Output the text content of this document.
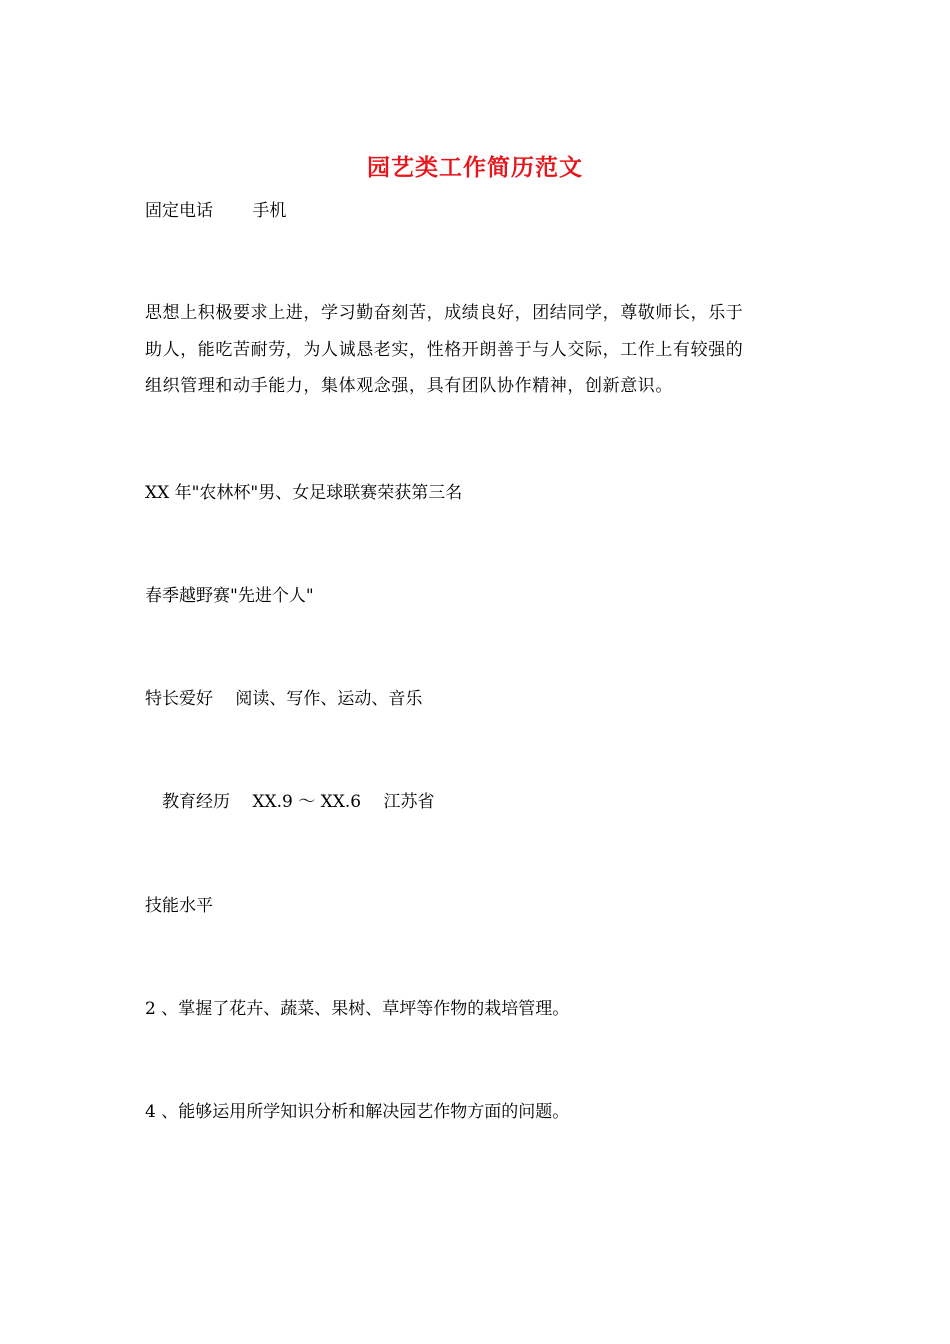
园艺类工作简历范文
固定电话　　 手机

思想上积极要求上进，学习勤奋刻苦，成绩良好，团结同学，尊敬师长，乐于

助人，能吃苦耐劳，为人诚恳老实，性格开朗善于与人交际，工作上有较强的

组织管理和动手能力，集体观念强，具有团队协作精神，创新意识。

XX 年"农林杯"男、女足球联赛荣获第三名
春季越野赛"先进个人"
特长爱好　 阅读、写作、运动、音乐
　教育经历　 XX.9 ～ XX.6　 江苏省
技能水平
2 、掌握了花卉、蔬菜、果树、草坪等作物的栽培管理。
4 、能够运用所学知识分析和解决园艺作物方面的问题。
